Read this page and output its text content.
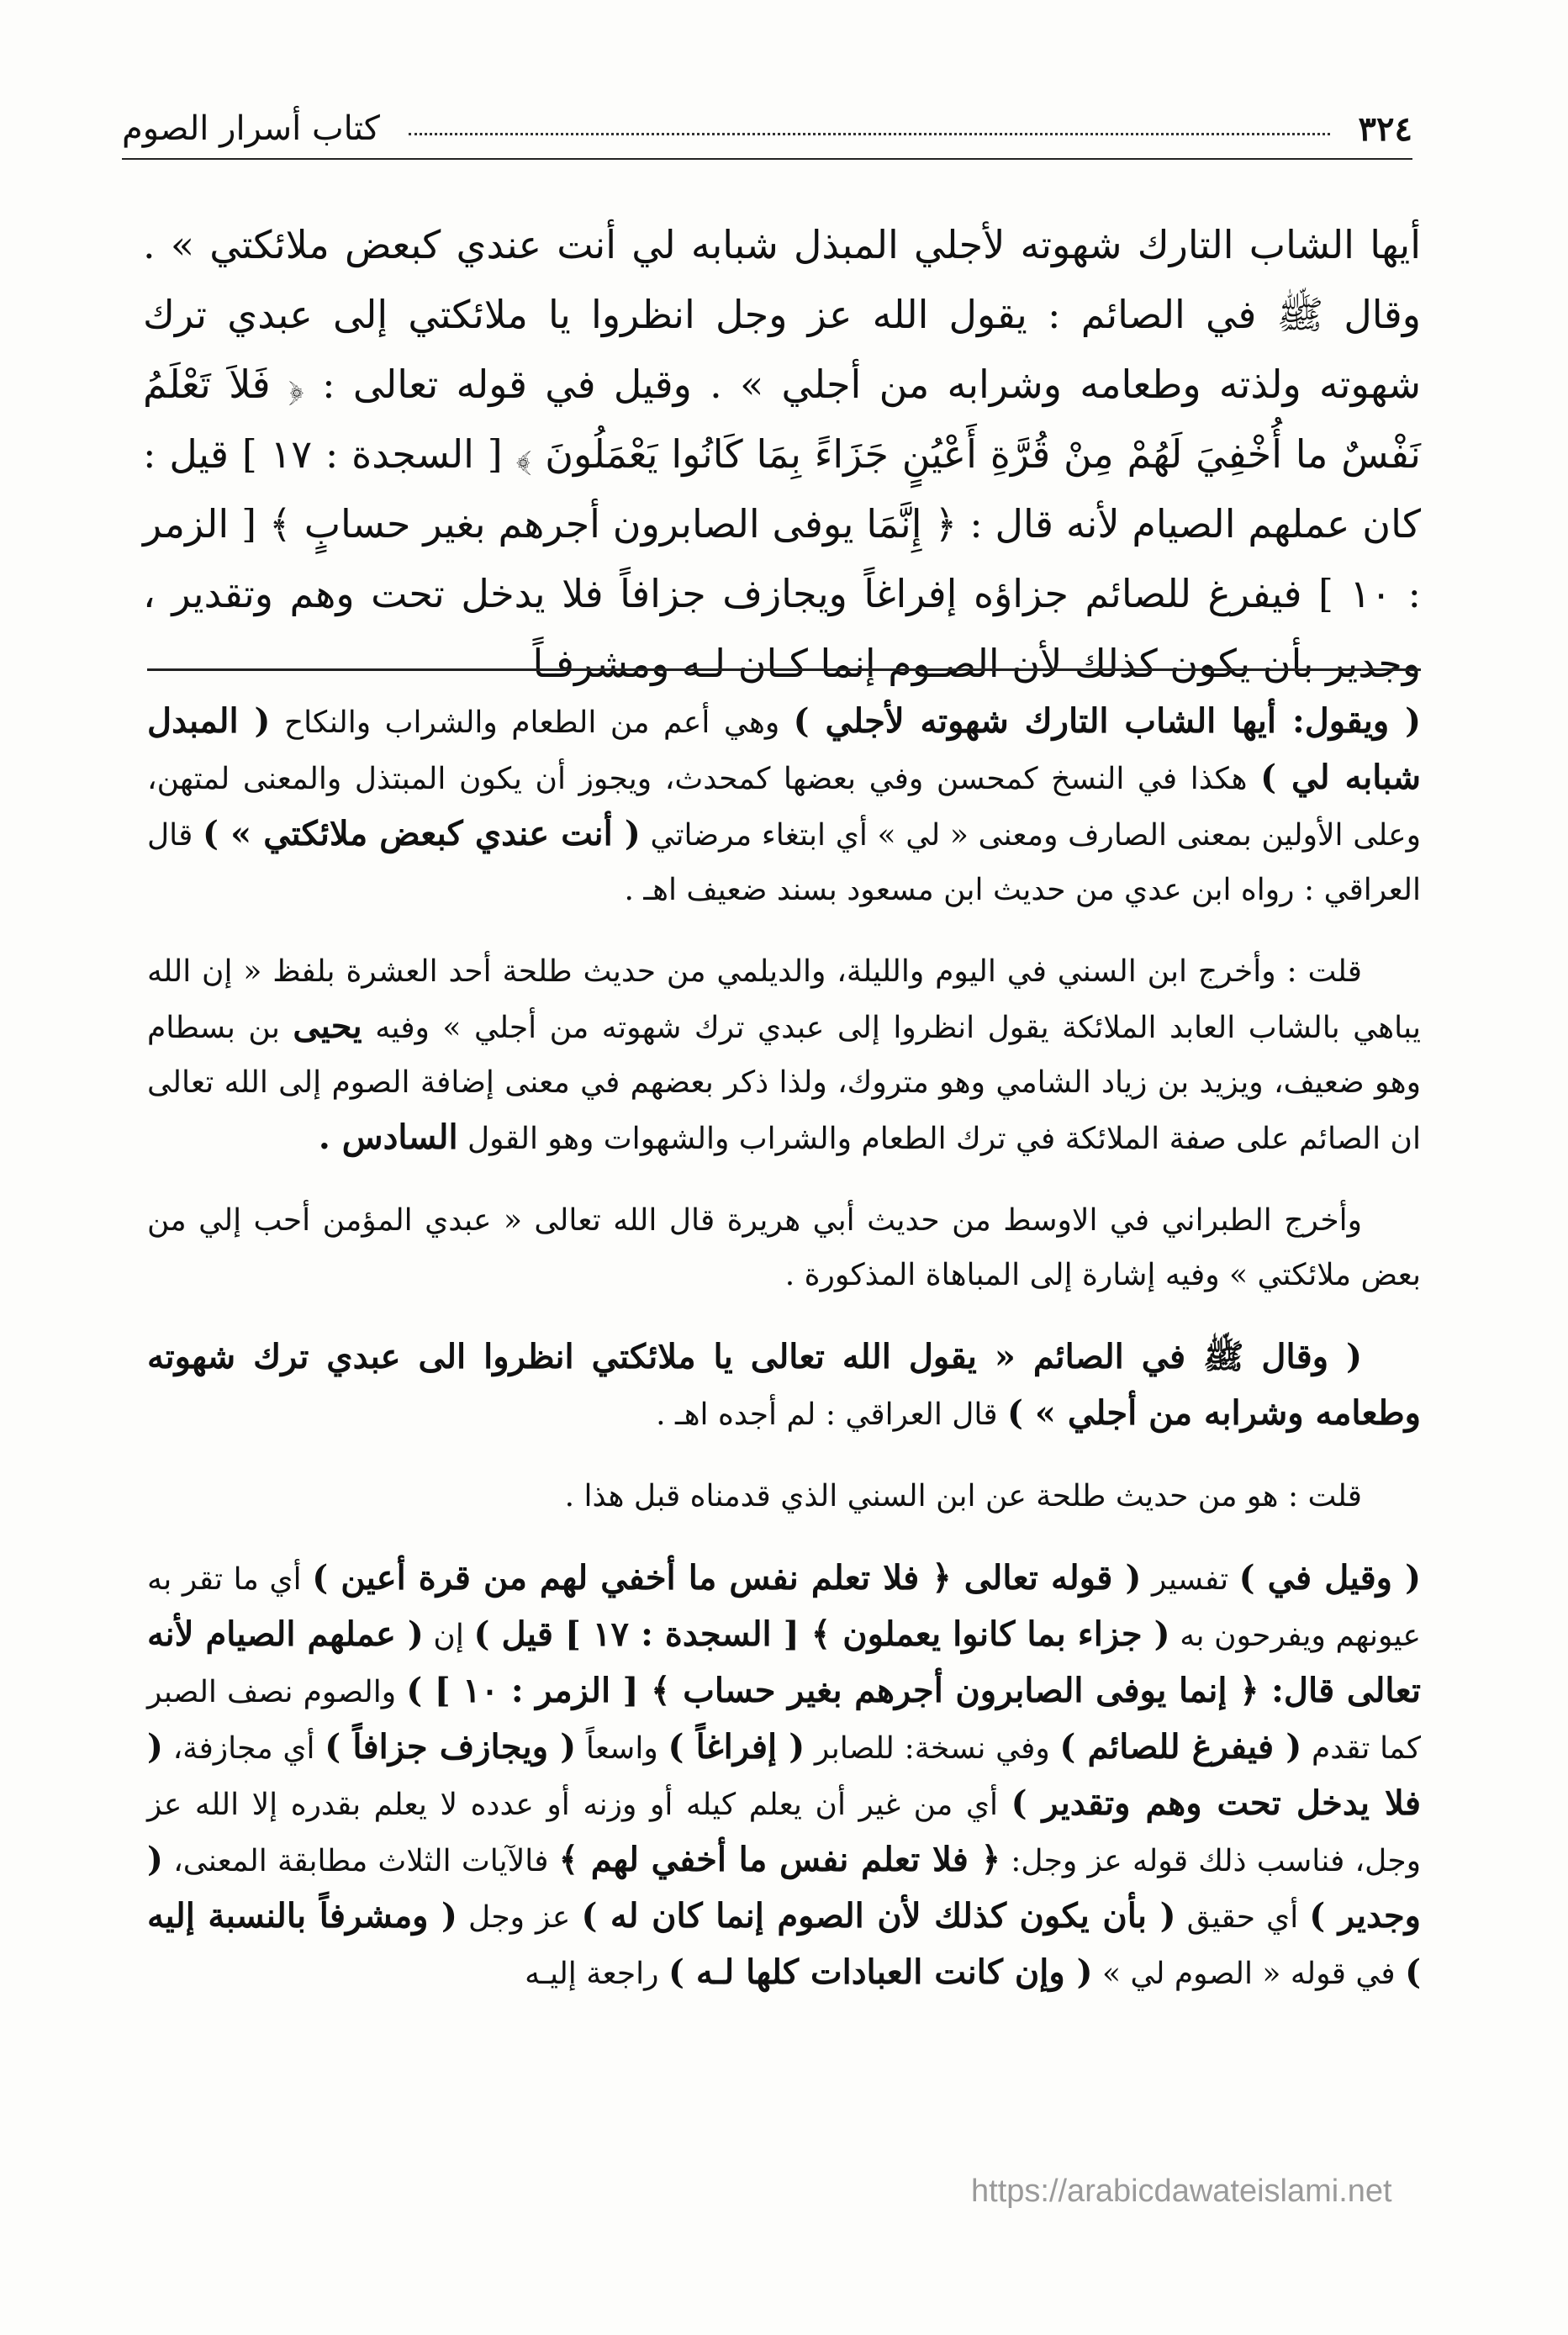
٣٢٤
كتاب أسرار الصوم
أيها الشاب التارك شهوته لأجلي المبذل شبابه لي أنت عندي كبعض ملائكتي » . وقال ﷺ في الصائم : يقول الله عز وجل انظروا يا ملائكتي إلى عبدي ترك شهوته ولذته وطعامه وشرابه من أجلي » . وقيل في قوله تعالى : ﴿ فَلاَ تَعْلَمُ نَفْسٌ ما أُخْفِيَ لَهُمْ مِنْ قُرَّةِ أَعْيُنٍ جَزَاءً بِمَا كَانُوا يَعْمَلُونَ ﴾ [ السجدة : ١٧ ] قيل : كان عملهم الصيام لأنه قال : ﴿ إِنَّمَا يوفى الصابرون أجرهم بغير حسابٍ ﴾ [ الزمر : ١٠ ] فيفرغ للصائم جزاؤه إفراغاً ويجازف جزافاً فلا يدخل تحت وهم وتقدير ، وجدير بأن يكون كذلك لأن الصـوم إنما كـان لـه ومشرفـاً

( ويقول: أيها الشاب التارك شهوته لأجلي ) وهي أعم من الطعام والشراب والنكاح ( المبدل شبابه لي ) هكذا في النسخ كمحسن وفي بعضها كمحدث، ويجوز أن يكون المبتذل والمعنى لمتهن، وعلى الأولين بمعنى الصارف ومعنى « لي » أي ابتغاء مرضاتي ( أنت عندي كبعض ملائكتي » ) قال العراقي : رواه ابن عدي من حديث ابن مسعود بسند ضعيف اهـ .

قلت : وأخرج ابن السني في اليوم والليلة، والديلمي من حديث طلحة أحد العشرة بلفظ « إن الله يباهي بالشاب العابد الملائكة يقول انظروا إلى عبدي ترك شهوته من أجلي » وفيه يحيى بن بسطام وهو ضعيف، ويزيد بن زياد الشامي وهو متروك، ولذا ذكر بعضهم في معنى إضافة الصوم إلى الله تعالى ان الصائم على صفة الملائكة في ترك الطعام والشراب والشهوات وهو القول السادس .

وأخرج الطبراني في الاوسط من حديث أبي هريرة قال الله تعالى « عبدي المؤمن أحب إلي من بعض ملائكتي » وفيه إشارة إلى المباهاة المذكورة .

( وقال ﷺ في الصائم « يقول الله تعالى يا ملائكتي انظروا الى عبدي ترك شهوته وطعامه وشرابه من أجلي » ) قال العراقي : لم أجده اهـ .

قلت : هو من حديث طلحة عن ابن السني الذي قدمناه قبل هذا .

( وقيل في ) تفسير ( قوله تعالى ﴿ فلا تعلم نفس ما أخفي لهم من قرة أعين ) أي ما تقر به عيونهم ويفرحون به ( جزاء بما كانوا يعملون ﴾ [ السجدة : ١٧ ] قيل ) إن ( عملهم الصيام لأنه تعالى قال: ﴿ إنما يوفى الصابرون أجرهم بغير حساب ﴾ [ الزمر : ١٠ ] ) والصوم نصف الصبر كما تقدم ( فيفرغ للصائم ) وفي نسخة: للصابر ( إفراغاً ) واسعاً ( ويجازف جزافاً ) أي مجازفة، ( فلا يدخل تحت وهم وتقدير ) أي من غير أن يعلم كيله أو وزنه أو عدده لا يعلم بقدره إلا الله عز وجل، فناسب ذلك قوله عز وجل: ﴿ فلا تعلم نفس ما أخفي لهم ﴾ فالآيات الثلاث مطابقة المعنى، ( وجدير ) أي حقيق ( بأن يكون كذلك لأن الصوم إنما كان له ) عز وجل ( ومشرفاً بالنسبة إليه ) في قوله « الصوم لي » ( وإن كانت العبادات كلها لـه ) راجعة إليـه

https://arabicdawateislami.net
